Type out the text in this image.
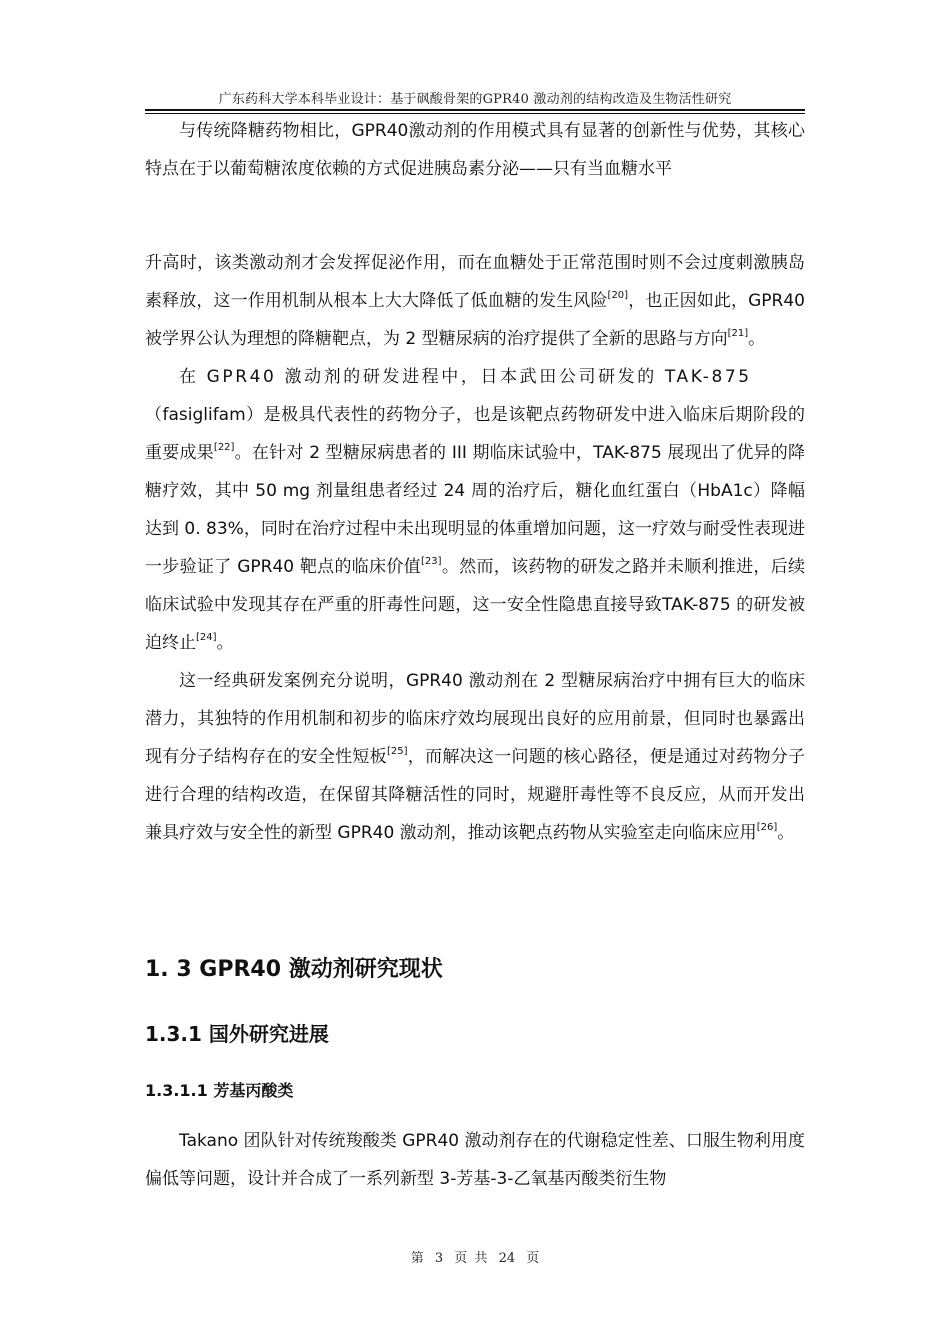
广东药科大学本科毕业设计：基于砜酸骨架的GPR40 激动剂的结构改造及生物活性研究

与传统降糖药物相比，GPR40激动剂的作用模式具有显著的创新性与优势，其核心特点在于以葡萄糖浓度依赖的方式促进胰岛素分泌——只有当血糖水平

升高时，该类激动剂才会发挥促泌作用，而在血糖处于正常范围时则不会过度刺激胰岛素释放，这一作用机制从根本上大大降低了低血糖的发生风险[20]，也正因如此，GPR40 被学界公认为理想的降糖靶点，为 2 型糖尿病的治疗提供了全新的思路与方向[21]。

在 GPR40 激动剂的研发进程中，日本武田公司研发的 TAK-875

（fasiglifam）是极具代表性的药物分子，也是该靶点药物研发中进入临床后期阶段的重要成果[22]。在针对 2 型糖尿病患者的 III 期临床试验中，TAK-875 展现出了优异的降糖疗效，其中 50 mg 剂量组患者经过 24 周的治疗后，糖化血红蛋白（HbA1c）降幅达到 0. 83%，同时在治疗过程中未出现明显的体重增加问题，这一疗效与耐受性表现进一步验证了 GPR40 靶点的临床价值[23]。然而，该药物的研发之路并未顺利推进，后续临床试验中发现其存在严重的肝毒性问题，这一安全性隐患直接导致TAK-875 的研发被迫终止[24]。

这一经典研发案例充分说明，GPR40 激动剂在 2 型糖尿病治疗中拥有巨大的临床潜力，其独特的作用机制和初步的临床疗效均展现出良好的应用前景，但同时也暴露出现有分子结构存在的安全性短板[25]，而解决这一问题的核心路径，便是通过对药物分子进行合理的结构改造，在保留其降糖活性的同时，规避肝毒性等不良反应，从而开发出兼具疗效与安全性的新型 GPR40 激动剂，推动该靶点药物从实验室走向临床应用[26]。

1. 3 GPR40 激动剂研究现状
1.3.1 国外研究进展
1.3.1.1 芳基丙酸类

Takano 团队针对传统羧酸类 GPR40 激动剂存在的代谢稳定性差、口服生物利用度偏低等问题，设计并合成了一系列新型 3-芳基-3-乙氧基丙酸类衍生物

第 3 页 共 24 页
